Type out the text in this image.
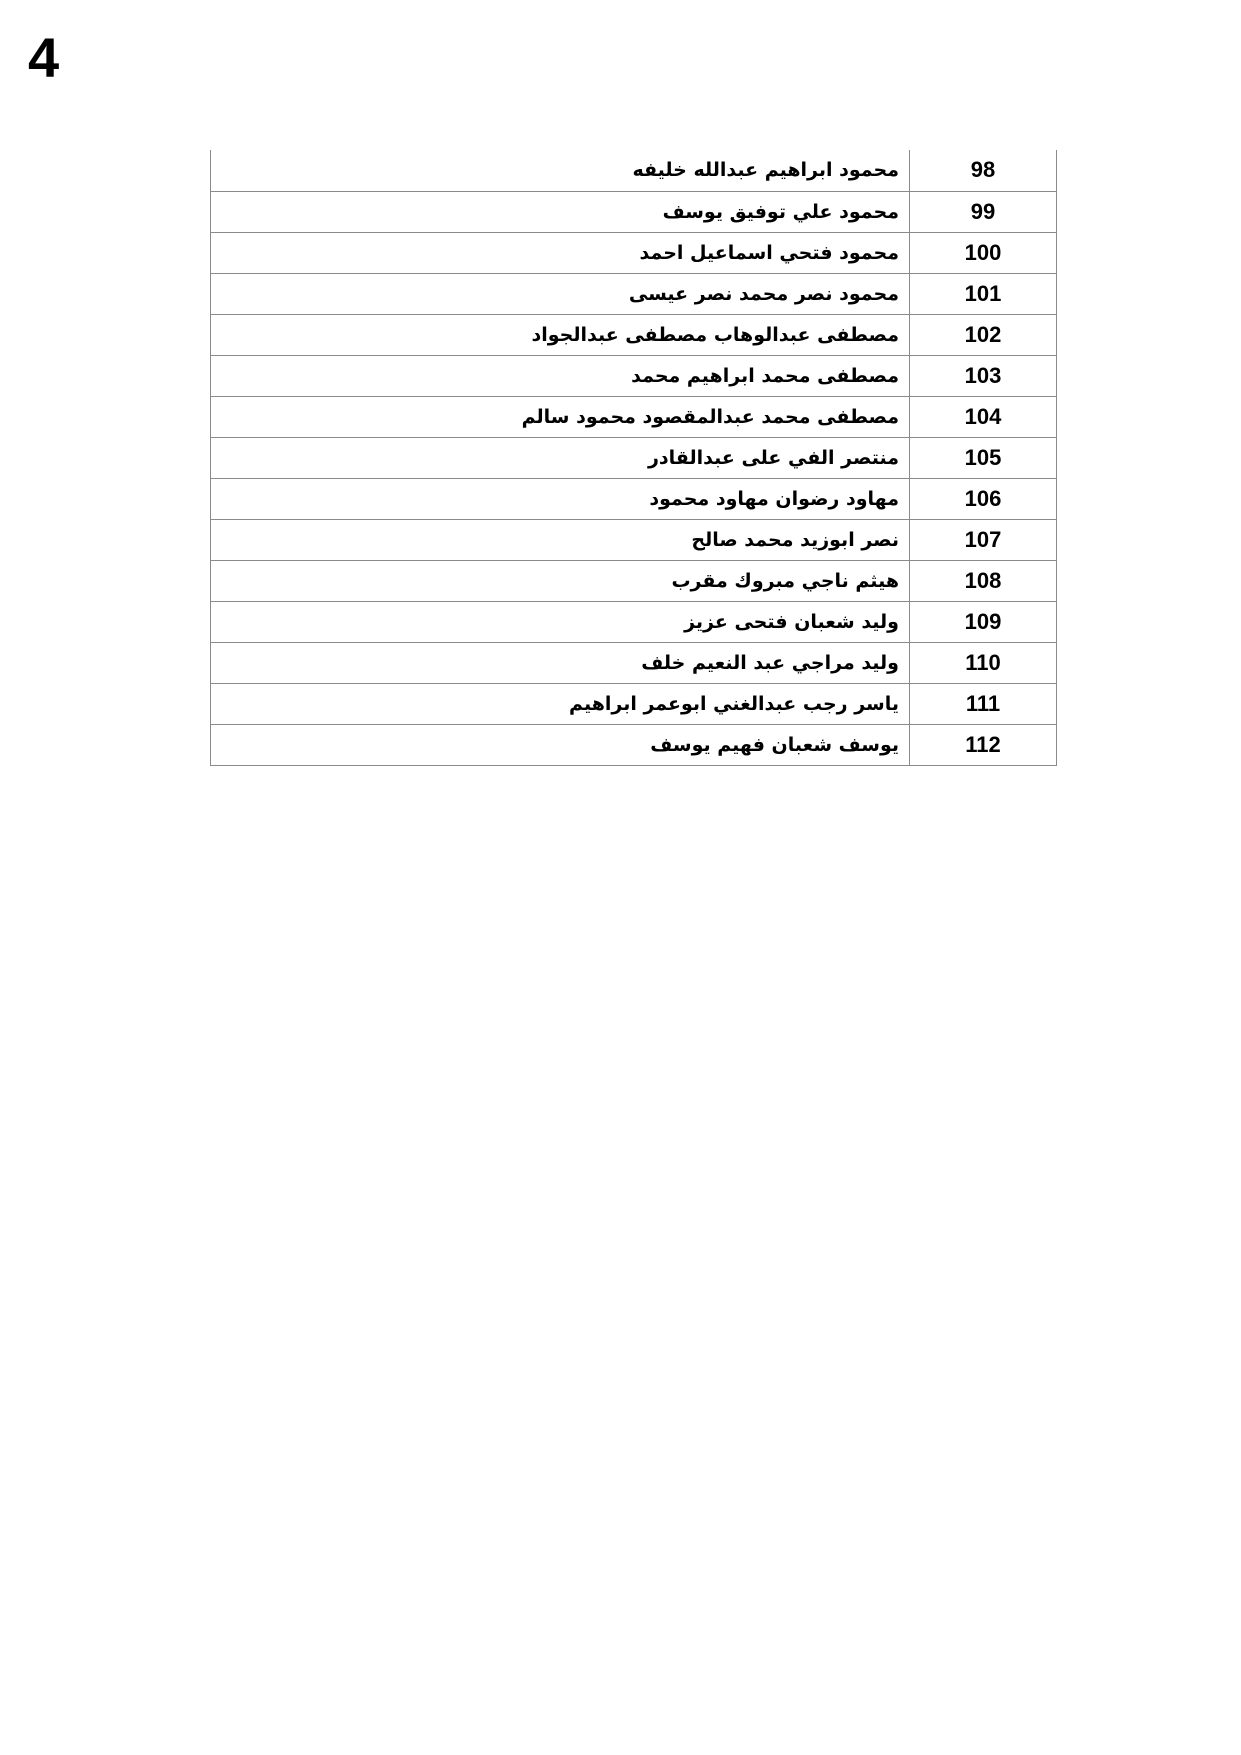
4
محمود ابراهيم عبدالله خليفه	98
محمود علي توفيق يوسف	99
محمود فتحي اسماعيل احمد	100
محمود نصر محمد نصر عيسى	101
مصطفى عبدالوهاب مصطفى عبدالجواد	102
مصطفى محمد ابراهيم محمد	103
مصطفى محمد عبدالمقصود محمود سالم	104
منتصر الفي على عبدالقادر	105
مهاود رضوان مهاود محمود	106
نصر ابوزيد محمد صالح	107
هيثم ناجي مبروك مقرب	108
وليد شعبان فتحى عزيز	109
وليد مراجي عبد النعيم خلف	110
ياسر رجب عبدالغني ابوعمر ابراهيم	111
يوسف شعبان فهيم يوسف	112
